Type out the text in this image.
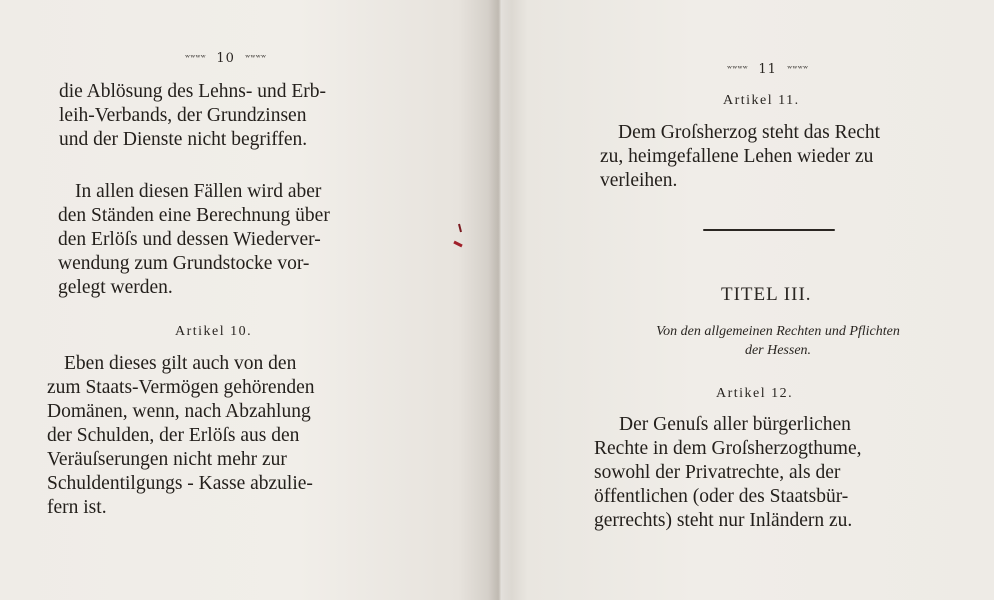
ʷʷʷʷ 10 ʷʷʷʷ

die Ablösung des Lehns- und Erb-
leih-Verbands, der Grundzinsen
und der Dienste nicht begriffen.

In allen diesen Fällen wird aber
den Ständen eine Berechnung über
den Erlöſs und dessen Wiederver-
wendung zum Grundstocke vor-
gelegt werden.

Artikel 10.

Eben dieses gilt auch von den
zum Staats-Vermögen gehörenden
Domänen, wenn, nach Abzahlung
der Schulden, der Erlöſs aus den
Veräuſserungen nicht mehr zur
Schuldentilgungs - Kasse abzulie-
fern ist.

ʷʷʷʷ 11 ʷʷʷʷ
Artikel 11.

Dem Groſsherzog steht das Recht
zu, heimgefallene Lehen wieder zu
verleihen.

TITEL III.

Von den allgemeinen Rechten und Pflichten
der Hessen.

Artikel 12.

Der Genuſs aller bürgerlichen
Rechte in dem Groſsherzogthume,
sowohl der Privatrechte, als der
öffentlichen (oder des Staatsbür-
gerrechts) steht nur Inländern zu.
